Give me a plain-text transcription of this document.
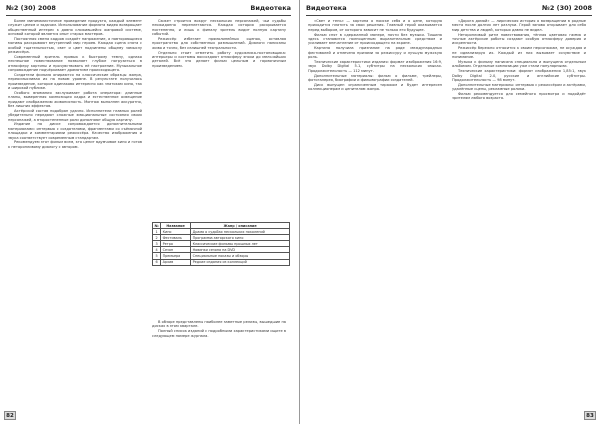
№2 (30) 2008	Видеотека

Более минималистичное проведение продукта, каждый элемент служит целям и задачам. Использование формата видео возвращает общественный интерес к давно сложившейся жанровой системе, основой которой является опыт старых мастеров.

Постоянная смена кадров создаёт напряжение, а повторяющиеся мотивы раскрывают внутренний мир героев. Каждая сцена снята с особой тщательностью, свет и цвет подчинены общему замыслу режиссёра.

Современный зритель привык к быстрому темпу, однако неспешное повествование позволяет глубже погрузиться в атмосферу картины и прочувствовать её настроение. Музыкальное сопровождение подчёркивает драматизм происходящего.

Создатели фильма опираются на классические образцы жанра, переосмысливая их на новом уровне. В результате получилось произведение, которое одинаково интересно как знатокам кино, так и широкой публике.

Особого внимания заслуживает работа оператора: длинные планы, выверенная композиция кадра и естественное освещение придают изображению живописность. Монтаж выполнен аккуратно, без лишних эффектов.

Актёрский состав подобран удачно. Исполнители главных ролей убедительно передают сложные эмоциональные состояния своих персонажей, а второстепенные роли дополняют общую картину.

Издание на диске сопровождается дополнительными материалами: интервью с создателями, фрагментами со съёмочной площадки и комментариями режиссёра. Качество изображения и звука соответствует современным стандартам.

Рекомендуем этот фильм всем, кто ценит вдумчивое кино и готов к неторопливому диалогу с автором.

Сюжет строится вокруг нескольких персонажей, чьи судьбы неожиданно переплетаются. Каждая история раскрывается постепенно, и лишь к финалу зритель видит полную картину событий.

Режиссёр избегает прямолинейных оценок, оставляя пространство для собственных размышлений. Диалоги написаны живо и точно, без излишней театральности.

Отдельно стоит отметить работу художника-постановщика: интерьеры и костюмы воссоздают атмосферу эпохи до мельчайших деталей. Всё это делает фильм цельным и гармоничным произведением.

№	Название	Жанр / описание
1	Кино	Драма о судьбах нескольких поколений
2	Фестиваль	Программа авторского кино
3	Ретро	Классические фильмы прошлых лет
4	Сезон	Новинки сезона на DVD
5	Премьера	Специальные показы и обзоры
6	Архив	Редкие издания из коллекций

В обзоре представлены наиболее заметные релизы, вышедшие на дисках в этом квартале.

Полный список изданий с подробными характеристиками ищите в следующем номере журнала.

82
Видеотека	№2 (30) 2008

«Свет и тень» — картина о поиске себя и о цене, которую приходится платить за свои решения. Главный герой оказывается перед выбором, от которого зависит не только его будущее.

Фильм снят в сдержанной манере, почти без музыки. Тишина здесь становится полноценным выразительным средством и усиливает впечатление от происходящего на экране.

Картина получила признание на ряде международных фестивалей и отмечена призами за режиссуру и лучшую мужскую роль.

Технические характеристики издания: формат изображения 16:9, звук Dolby Digital 5.1, субтитры на нескольких языках. Продолжительность — 112 минут.

Дополнительные материалы: фильм о фильме, трейлеры, фотогалерея, биографии и фильмографии создателей.

Диск выпущен ограниченным тиражом и будет интересен коллекционерам и ценителям жанра.

«Дорога домой» — лирическая история о возвращении в родные места после долгих лет разлуки. Герой заново открывает для себя мир детства и людей, которых давно не видел.

Неторопливый ритм повествования, тёплая цветовая гамма и точные актёрские работы создают особую атмосферу доверия и искренности.

Режиссёр бережно относится к своим персонажам, не осуждая и не идеализируя их. Каждый из них вызывает сочувствие и понимание.

Музыка к фильму написана специально и выпущена отдельным альбомом. Отдельные композиции уже стали популярными.

Технические характеристики: формат изображения 1,85:1, звук Dolby Digital 2.0, русские и английские субтитры. Продолжительность — 98 минут.

Дополнительные материалы: интервью с режиссёром и актёрами, удалённые сцены, рекламные ролики.

Фильм рекомендуется для семейного просмотра и подойдёт зрителям любого возраста.

83
